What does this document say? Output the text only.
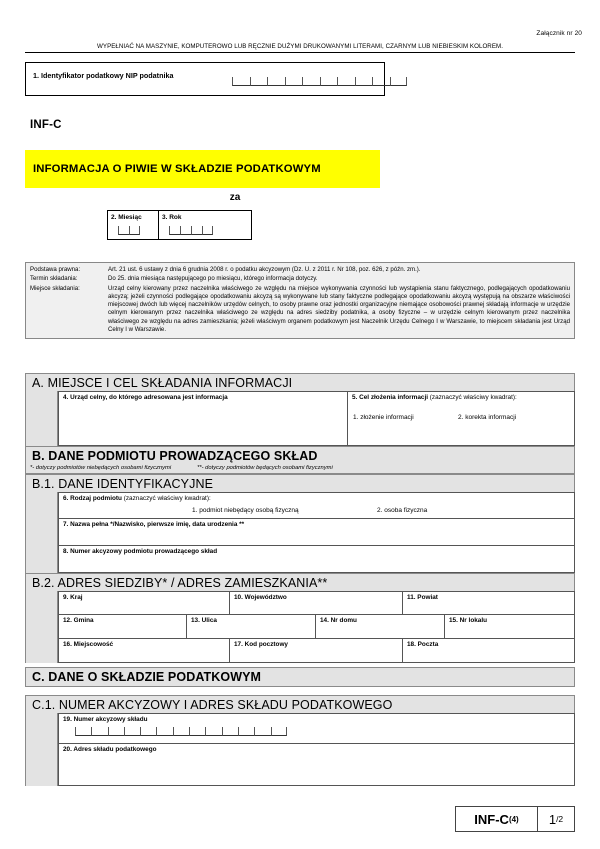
Załącznik nr 20
WYPEŁNIAĆ NA MASZYNIE, KOMPUTEROWO LUB RĘCZNIE DUŻYMI DRUKOWANYMI LITERAMI, CZARNYM LUB NIEBIESKIM KOLOREM.
1. Identyfikator podatkowy NIP podatnika
INF-C
INFORMACJA O PIWIE W SKŁADZIE PODATKOWYM
za
2. Miesiąc	3. Rok
Podstawa prawna:	Art. 21 ust. 6 ustawy z dnia 6 grudnia 2008 r. o podatku akcyzowym (Dz. U. z 2011 r. Nr 108, poz. 626, z późn. zm.).
Termin składania:	Do 25. dnia miesiąca następującego po miesiącu, którego informacja dotyczy.
Miejsce składania:	Urząd celny kierowany przez naczelnika właściwego ze względu na miejsce wykonywania czynności lub wystąpienia stanu faktycznego, podlegających opodatkowaniu akcyzą; jeżeli czynności podlegające opodatkowaniu akcyzą są wykonywane lub stany faktyczne podlegające opodatkowaniu akcyzą występują na obszarze właściwości miejscowej dwóch lub więcej naczelników urzędów celnych, to osoby prawne oraz jednostki organizacyjne niemające osobowości prawnej składają informacje w urzędzie celnym kierowanym przez naczelnika właściwego ze względu na adres siedziby podatnika, a osoby fizyczne – w urzędzie celnym kierowanym przez naczelnika właściwego ze względu na adres zamieszkania; jeżeli właściwym organem podatkowym jest Naczelnik Urzędu Celnego I w Warszawie, to miejscem składania jest Urząd Celny I w Warszawie.
A. MIEJSCE I CEL SKŁADANIA INFORMACJI
4. Urząd celny, do którego adresowana jest informacja	5. Cel złożenia informacji (zaznaczyć właściwy kwadrat):
1. złożenie informacji	2. korekta informacji
B. DANE PODMIOTU PROWADZĄCEGO SKŁAD
*- dotyczy podmiotów niebędących osobami fizycznymi	**- dotyczy podmiotów będących osobami fizycznymi
B.1. DANE IDENTYFIKACYJNE
6. Rodzaj podmiotu (zaznaczyć właściwy kwadrat):
1. podmiot niebędący osobą fizyczną	2. osoba fizyczna
7. Nazwa pełna */Nazwisko, pierwsze imię, data urodzenia **
8. Numer akcyzowy podmiotu prowadzącego skład
B.2. ADRES SIEDZIBY* / ADRES ZAMIESZKANIA**
9. Kraj	10. Województwo	11. Powiat
12. Gmina	13. Ulica	14. Nr domu	15. Nr lokalu
16. Miejscowość	17. Kod pocztowy	18. Poczta
C. DANE O SKŁADZIE PODATKOWYM
C.1. NUMER AKCYZOWY I ADRES SKŁADU PODATKOWEGO
19. Numer akcyzowy składu
20. Adres składu podatkowego
INF-C (4) 1 /2
